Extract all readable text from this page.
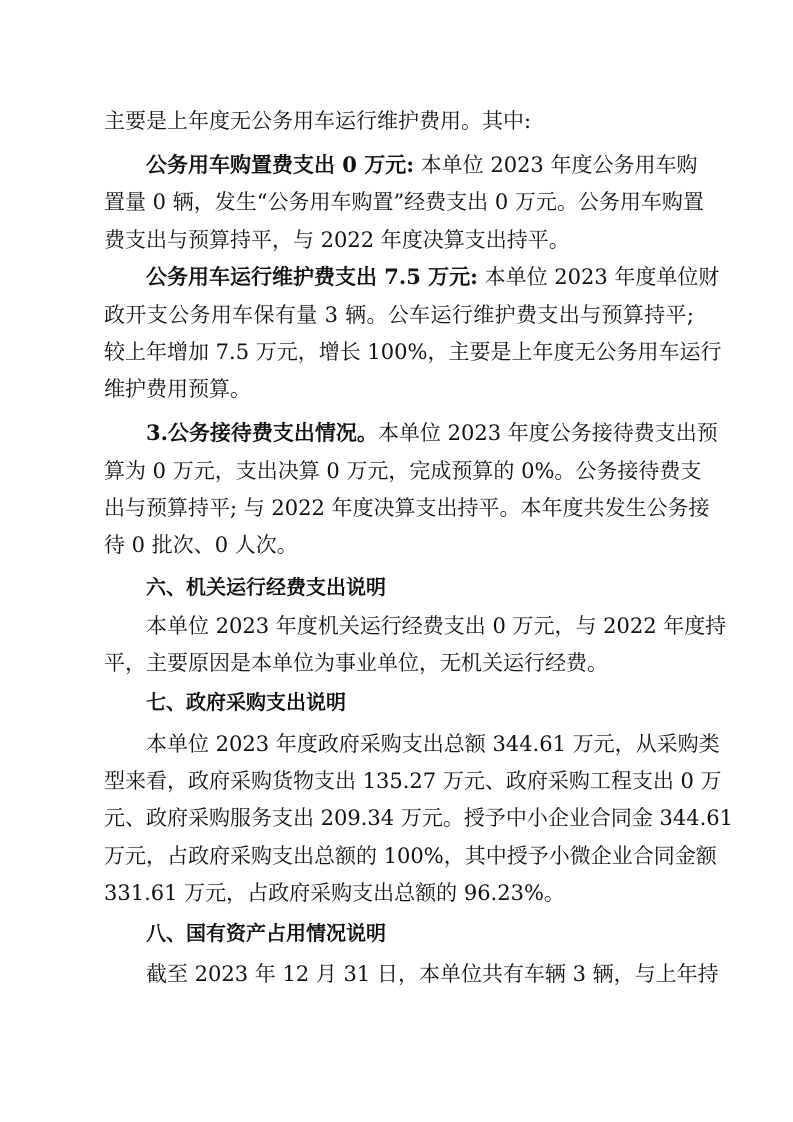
主要是上年度无公务用车运行维护费用。其中:
公务用车购置费支出 0 万元: 本单位 2023 年度公务用车购
置量 0 辆，发生“公务用车购置”经费支出 0 万元。公务用车购置
费支出与预算持平，与 2022 年度决算支出持平。
公务用车运行维护费支出 7.5 万元: 本单位 2023 年度单位财
政开支公务用车保有量 3 辆。公车运行维护费支出与预算持平;
较上年增加 7.5 万元，增长 100%，主要是上年度无公务用车运行
维护费用预算。
3.公务接待费支出情况。本单位 2023 年度公务接待费支出预
算为 0 万元，支出决算 0 万元，完成预算的 0%。公务接待费支
出与预算持平; 与 2022 年度决算支出持平。本年度共发生公务接
待 0 批次、0 人次。
六、机关运行经费支出说明
本单位 2023 年度机关运行经费支出 0 万元，与 2022 年度持
平，主要原因是本单位为事业单位，无机关运行经费。
七、政府采购支出说明
本单位 2023 年度政府采购支出总额 344.61 万元，从采购类
型来看，政府采购货物支出 135.27 万元、政府采购工程支出 0 万
元、政府采购服务支出 209.34 万元。授予中小企业合同金 344.61
万元，占政府采购支出总额的 100%，其中授予小微企业合同金额
331.61 万元，占政府采购支出总额的 96.23%。
八、国有资产占用情况说明
截至 2023 年 12 月 31 日，本单位共有车辆 3 辆，与上年持
